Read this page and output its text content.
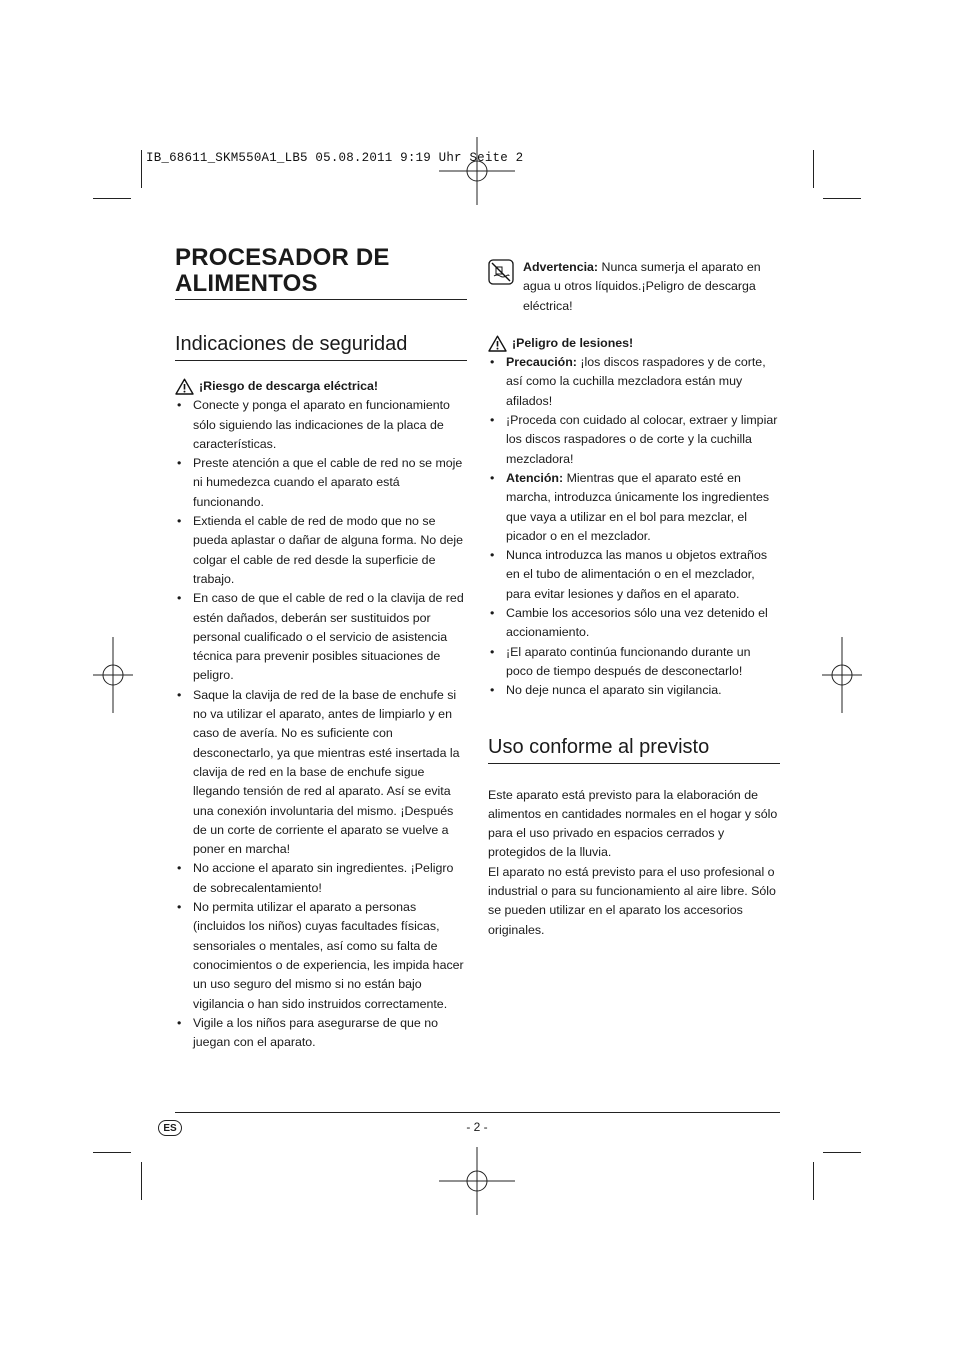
IB_68611_SKM550A1_LB5 05.08.2011 9:19 Uhr Seite 2
PROCESADOR DE
ALIMENTOS
Indicaciones de seguridad
¡Riesgo de descarga eléctrica!
• Conecte y ponga el aparato en funcionamiento sólo siguiendo las indicaciones de la placa de características.
• Preste atención a que el cable de red no se moje ni humedezca cuando el aparato está funcionando.
• Extienda el cable de red de modo que no se pueda aplastar o dañar de alguna forma. No deje colgar el cable de red desde la superficie de trabajo.
• En caso de que el cable de red o la clavija de red estén dañados, deberán ser sustituidos por personal cualificado o el servicio de asistencia técnica para prevenir posibles situaciones de peligro.
• Saque la clavija de red de la base de enchufe si no va utilizar el aparato, antes de limpiarlo y en caso de avería. No es suficiente con desconectarlo, ya que mientras esté insertada la clavija de red en la base de enchufe sigue llegando tensión de red al aparato. Así se evita una conexión involuntaria del mismo. ¡Después de un corte de corriente el aparato se vuelve a poner en marcha!
• No accione el aparato sin ingredientes. ¡Peligro de sobrecalentamiento!
• No permita utilizar el aparato a personas (incluidos los niños) cuyas facultades físicas, sensoriales o mentales, así como su falta de conocimientos o de experiencia, les impida hacer un uso seguro del mismo si no están bajo vigilancia o han sido instruidos correctamente.
• Vigile a los niños para asegurarse de que no juegan con el aparato.
Advertencia: Nunca sumerja el aparato en agua u otros líquidos.¡Peligro de descarga eléctrica!
¡Peligro de lesiones!
• Precaución: ¡los discos raspadores y de corte, así como la cuchilla mezcladora están muy afilados!
• ¡Proceda con cuidado al colocar, extraer y limpiar los discos raspadores o de corte y la cuchilla mezcladora!
• Atención: Mientras que el aparato esté en marcha, introduzca únicamente los ingredientes que vaya a utilizar en el bol para mezclar, el picador o en el mezclador.
• Nunca introduzca las manos u objetos extraños en el tubo de alimentación o en el mezclador, para evitar lesiones y daños en el aparato.
• Cambie los accesorios sólo una vez detenido el accionamiento.
• ¡El aparato continúa funcionando durante un poco de tiempo después de desconectarlo!
• No deje nunca el aparato sin vigilancia.
Uso conforme al previsto
Este aparato está previsto para la elaboración de alimentos en cantidades normales en el hogar y sólo para el uso privado en espacios cerrados y protegidos de la lluvia.
El aparato no está previsto para el uso profesional o industrial o para su funcionamiento al aire libre. Sólo se pueden utilizar en el aparato los accesorios originales.
ES	- 2 -
